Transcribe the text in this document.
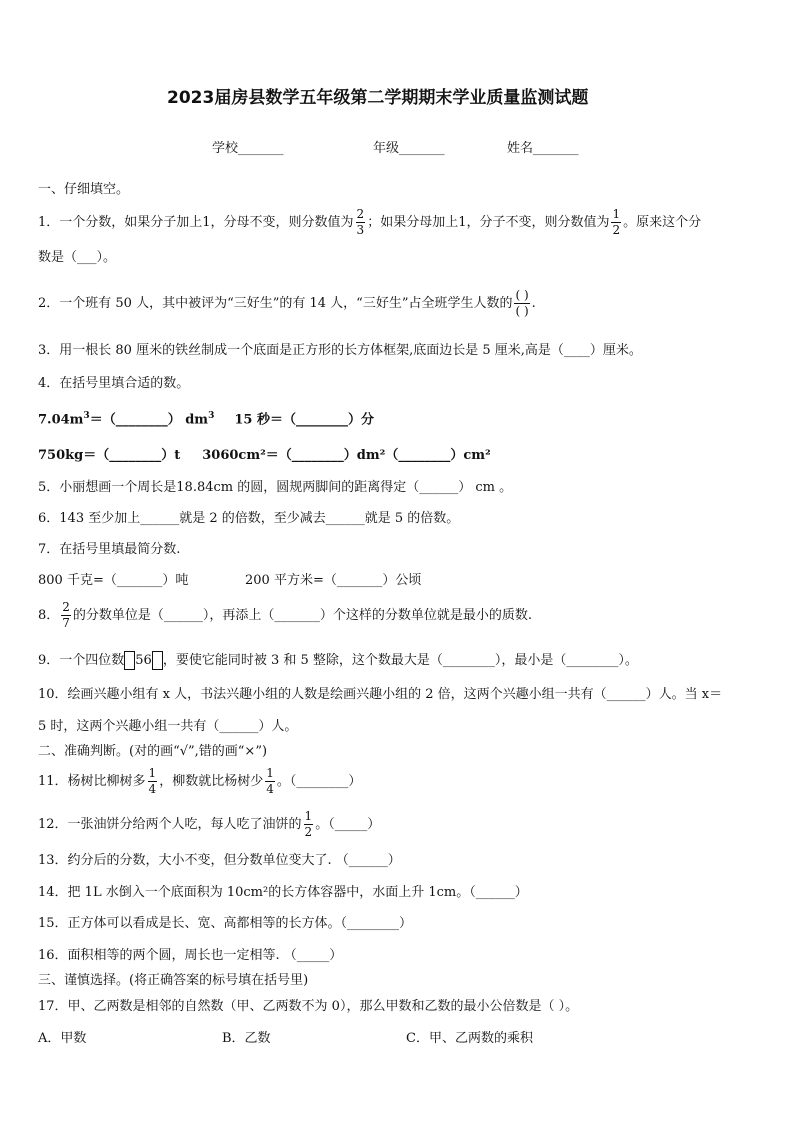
2023届房县数学五年级第二学期期末学业质量监测试题
学校_______	年级_______	姓名_______
一、仔细填空。
1．一个分数，如果分子加上1，分母不变，则分数值为 $\frac{2}{3}$ ；如果分母加上1，分子不变，则分数值为 $\frac{1}{2}$ 。原来这个分
数是（___）。
2．一个班有 50 人，其中被评为“三好生”的有 14 人，“三好生”占全班学生人数的 $\frac{( )}{( )}$ .
3．用一根长 80 厘米的铁丝制成一个底面是正方形的长方体框架,底面边长是 5 厘米,高是（____）厘米。
4．在括号里填合适的数。
$7.04m^3=(\_\_\_\_\_\_\_\_)$ $dm^3$ 15 秒＝（________）分
750kg＝（________）t 3060cm²＝（________）dm²（________）cm²
5．小丽想画一个周长是18.84cm 的圆，圆规两脚间的距离得定（______） cm 。
6．143 至少加上______就是 2 的倍数，至少减去______就是 5 的倍数。
7．在括号里填最简分数.
800 千克=（_______）吨	200 平方米=（_______）公顷
8． $\frac{2}{7}$ 的分数单位是（______），再添上（_______）个这样的分数单位就是最小的质数.
9．一个四位数 56 ，要使它能同时被 3 和 5 整除，这个数最大是（________），最小是（________）。
10．绘画兴趣小组有 x 人，书法兴趣小组的人数是绘画兴趣小组的 2 倍，这两个兴趣小组一共有（______）人。当 x＝
5 时，这两个兴趣小组一共有（______）人。
二、准确判断。(对的画“√”,错的画“×”)
11．杨树比柳树多 $\frac{1}{4}$ ，柳数就比杨树少 $\frac{1}{4}$ 。（________）
12．一张油饼分给两个人吃，每人吃了油饼的 $\frac{1}{2}$ 。（_____）
13．约分后的分数，大小不变，但分数单位变大了. （______）
14．把 1L 水倒入一个底面积为 10cm²的长方体容器中，水面上升 1cm。（______）
15．正方体可以看成是长、宽、高都相等的长方体。（________）
16．面积相等的两个圆，周长也一定相等. （_____）
三、谨慎选择。(将正确答案的标号填在括号里)
17．甲、乙两数是相邻的自然数（甲、乙两数不为 0），那么甲数和乙数的最小公倍数是（ ）。
A．甲数	B．乙数	C．甲、乙两数的乘积
